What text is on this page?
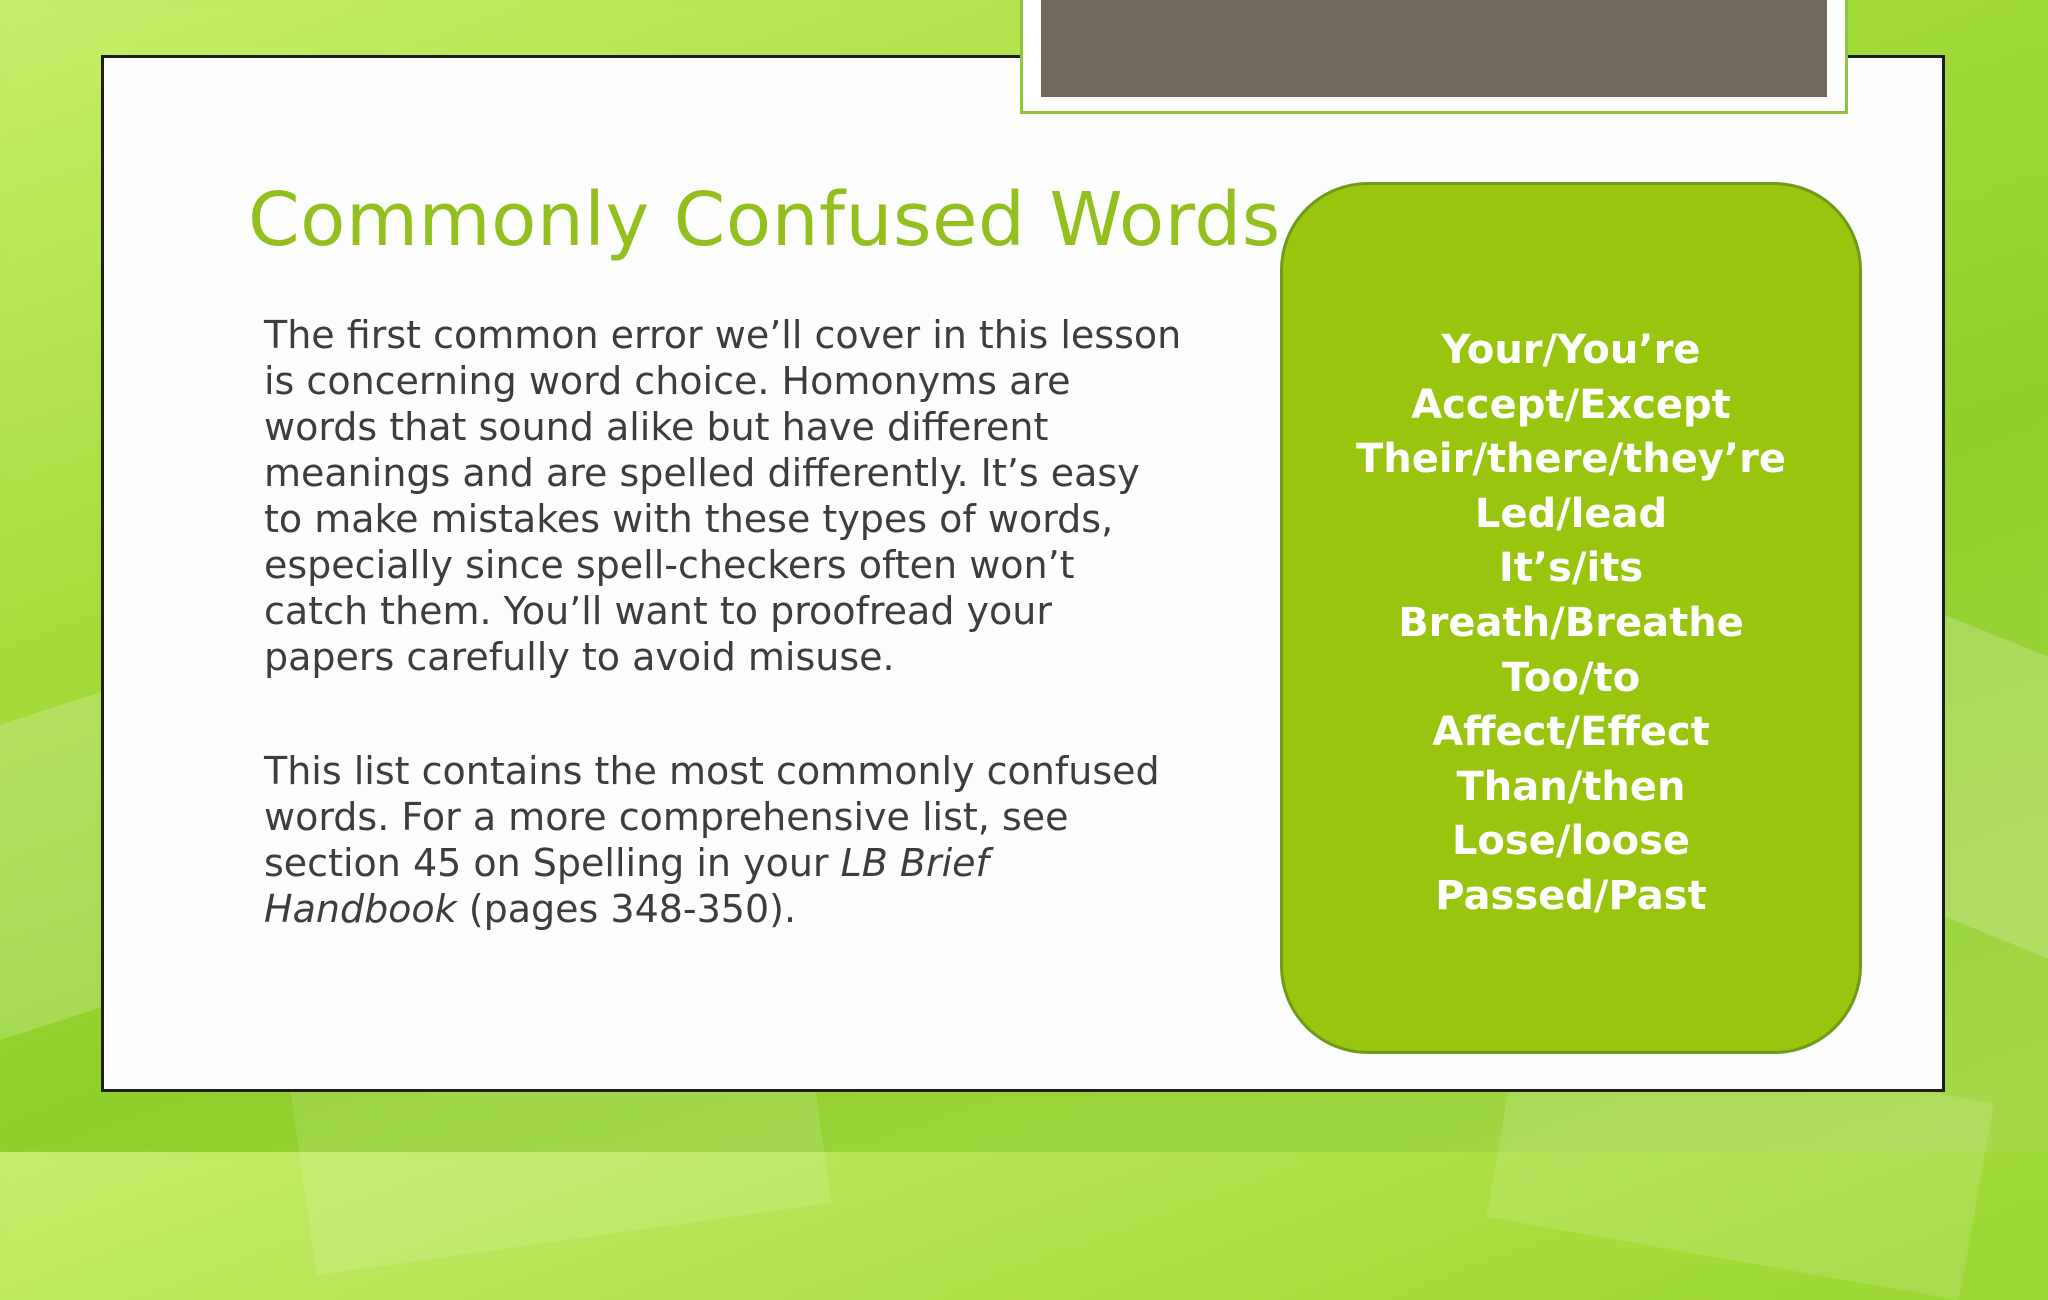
Commonly Confused Words

The first common error we’ll cover in this lesson is concerning word choice. Homonyms are words that sound alike but have different meanings and are spelled differently. It’s easy to make mistakes with these types of words, especially since spell-checkers often won’t catch them. You’ll want to proofread your papers carefully to avoid misuse.

This list contains the most commonly confused words. For a more comprehensive list, see section 45 on Spelling in your LB Brief Handbook (pages 348-350).

Your/You’re
Accept/Except
Their/there/they’re
Led/lead
It’s/its
Breath/Breathe
Too/to
Affect/Effect
Than/then
Lose/loose
Passed/Past
